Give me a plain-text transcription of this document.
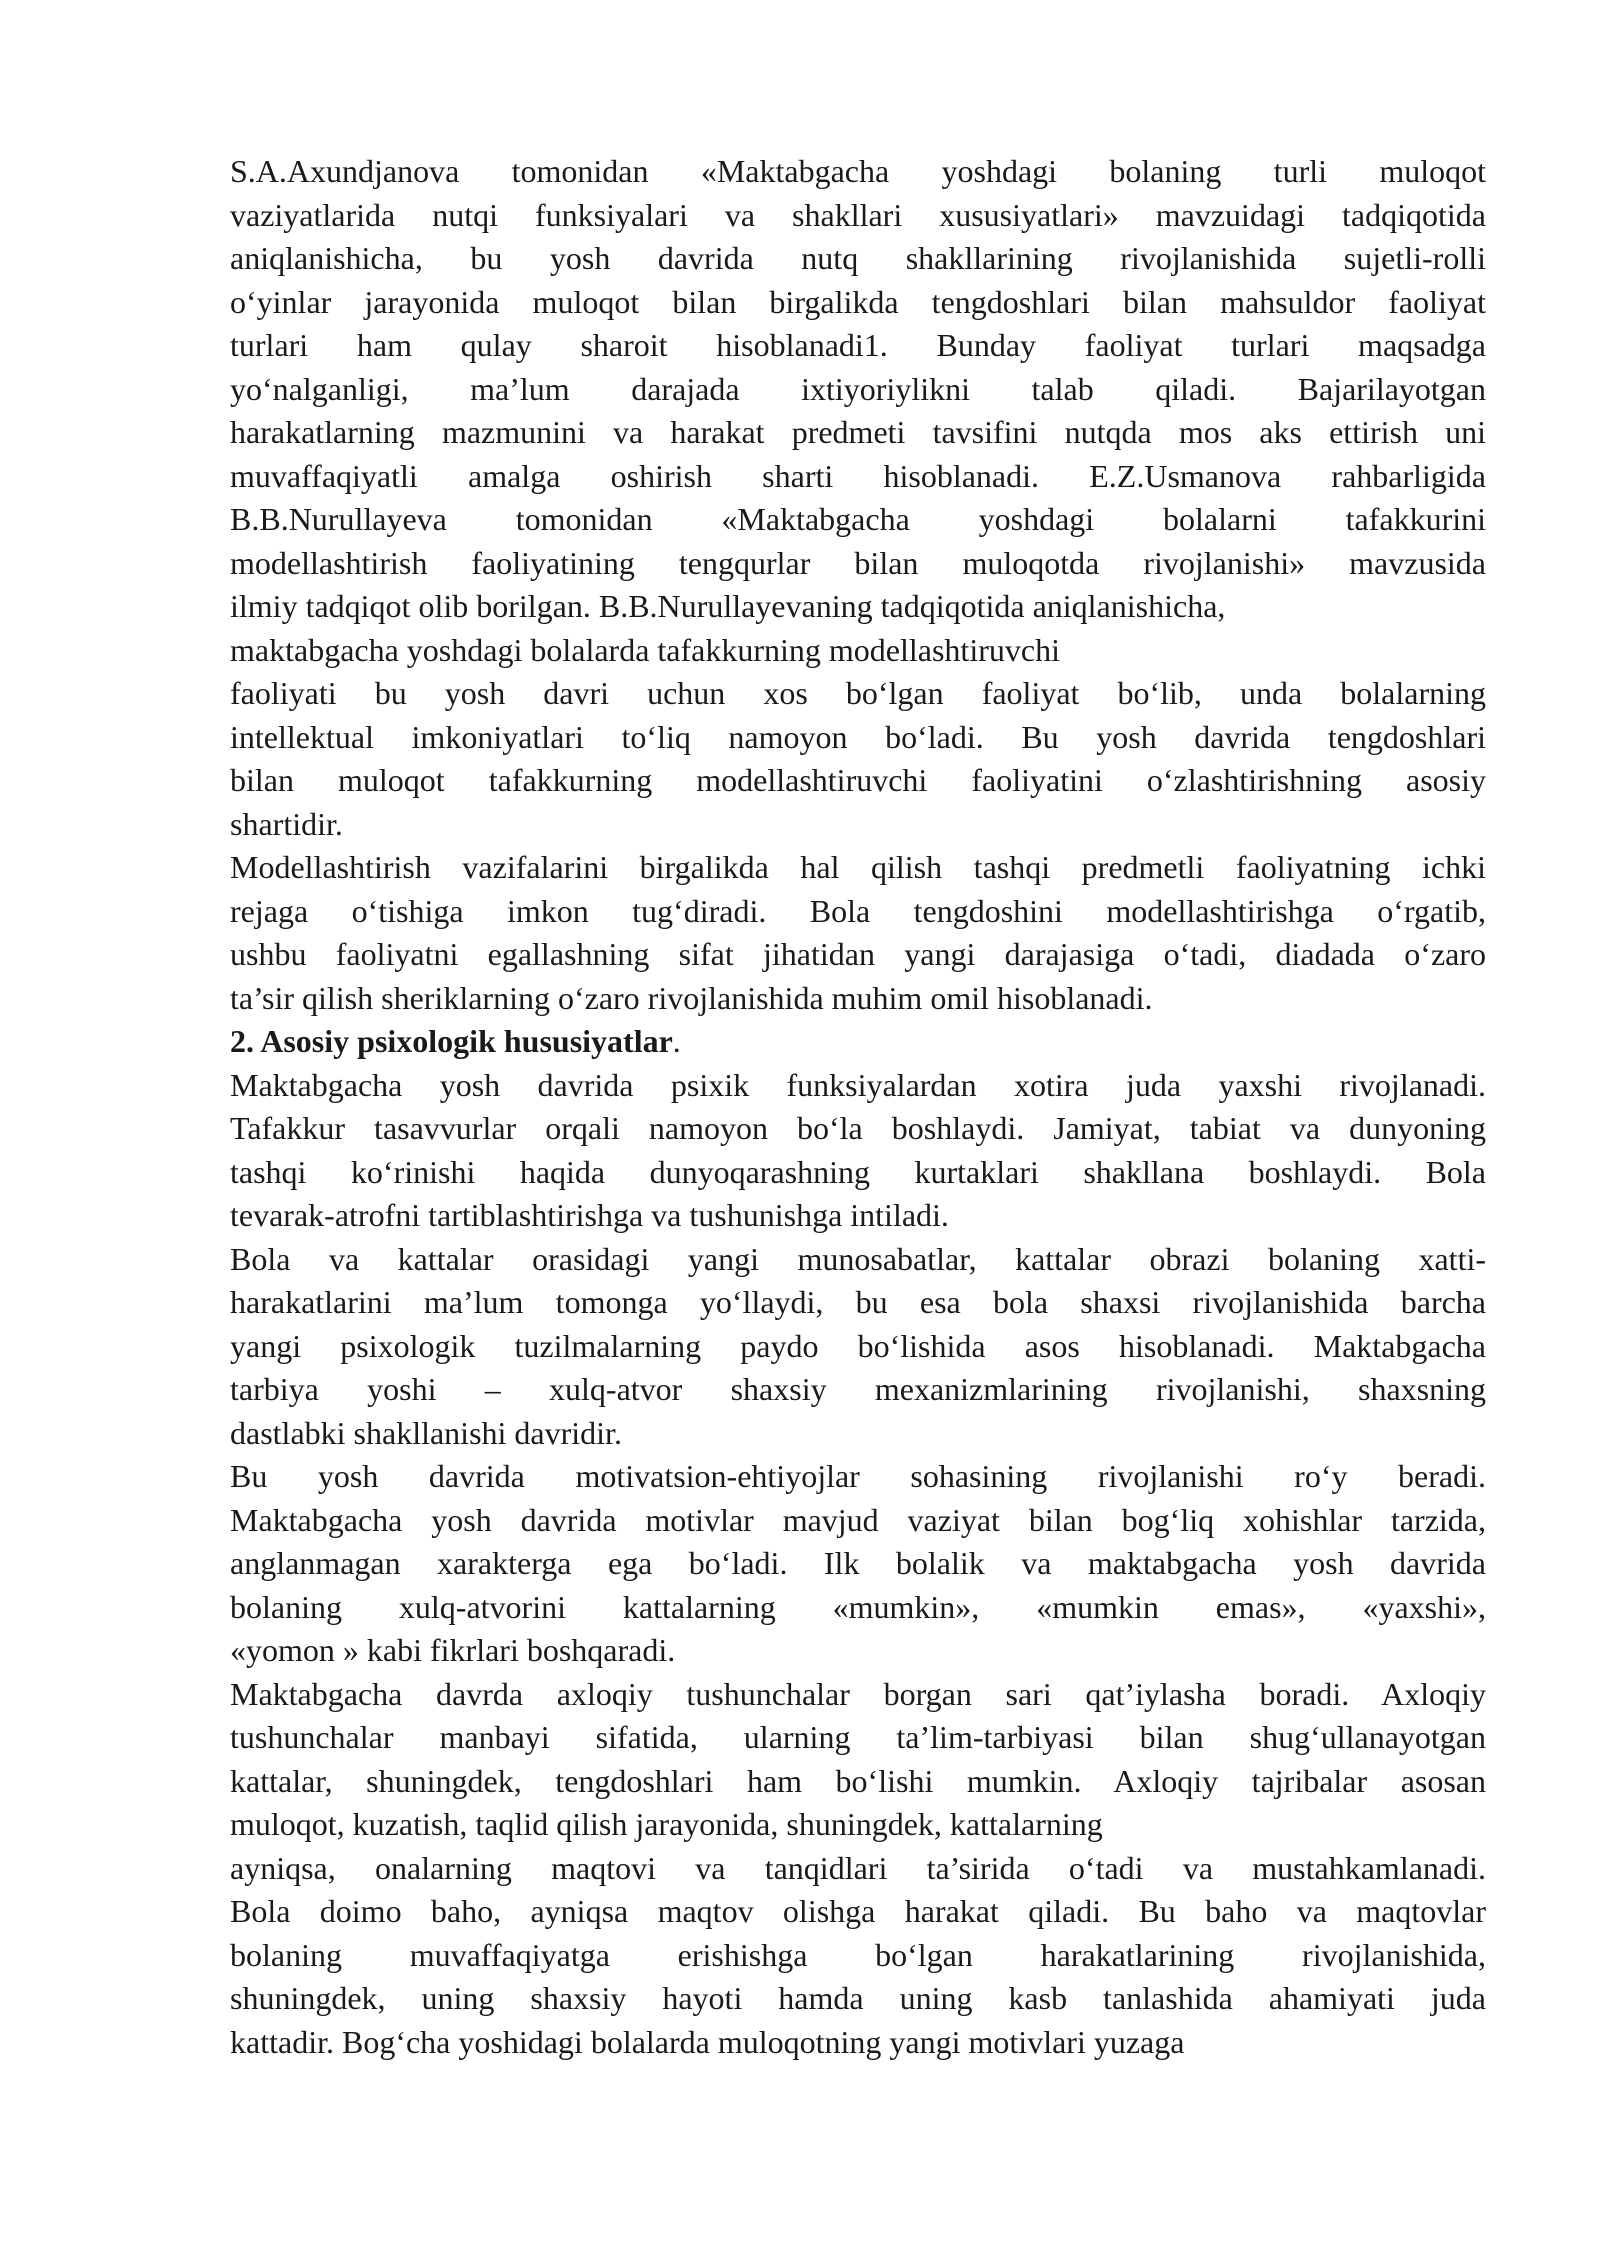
S.A.Axundjanova tomonidan «Maktabgacha yoshdagi bolaning turli muloqot
vaziyatlarida nutqi funksiyalari va shakllari xususiyatlari» mavzuidagi tadqiqotida
aniqlanishicha, bu yosh davrida nutq shakllarining rivojlanishida sujetli-rolli
o‘yinlar jarayonida muloqot bilan birgalikda tengdoshlari bilan mahsuldor faoliyat
turlari ham qulay sharoit hisoblanadi1. Bunday faoliyat turlari maqsadga
yo‘nalganligi, ma’lum darajada ixtiyoriylikni talab qiladi. Bajarilayotgan
harakatlarning mazmunini va harakat predmeti tavsifini nutqda mos aks ettirish uni
muvaffaqiyatli amalga oshirish sharti hisoblanadi. E.Z.Usmanova rahbarligida
B.B.Nurullayeva tomonidan «Maktabgacha yoshdagi bolalarni tafakkurini
modellashtirish faoliyatining tengqurlar bilan muloqotda rivojlanishi» mavzusida
ilmiy tadqiqot olib borilgan. B.B.Nurullayevaning tadqiqotida aniqlanishicha,
maktabgacha yoshdagi bolalarda tafakkurning modellashtiruvchi
faoliyati bu yosh davri uchun xos bo‘lgan faoliyat bo‘lib, unda bolalarning
intellektual imkoniyatlari to‘liq namoyon bo‘ladi. Bu yosh davrida tengdoshlari
bilan muloqot tafakkurning modellashtiruvchi faoliyatini o‘zlashtirishning asosiy
shartidir.
Modellashtirish vazifalarini birgalikda hal qilish tashqi predmetli faoliyatning ichki
rejaga o‘tishiga imkon tug‘diradi. Bola tengdoshini modellashtirishga o‘rgatib,
ushbu faoliyatni egallashning sifat jihatidan yangi darajasiga o‘tadi, diadada o‘zaro
ta’sir qilish sheriklarning o‘zaro rivojlanishida muhim omil hisoblanadi.
2. Asosiy psixologik hususiyatlar.
Maktabgacha yosh davrida psixik funksiyalardan xotira juda yaxshi rivojlanadi.
Tafakkur tasavvurlar orqali namoyon bo‘la boshlaydi. Jamiyat, tabiat va dunyoning
tashqi ko‘rinishi haqida dunyoqarashning kurtaklari shakllana boshlaydi. Bola
tevarak-atrofni tartiblashtirishga va tushunishga intiladi.
Bola va kattalar orasidagi yangi munosabatlar, kattalar obrazi bolaning xatti-
harakatlarini ma’lum tomonga yo‘llaydi, bu esa bola shaxsi rivojlanishida barcha
yangi psixologik tuzilmalarning paydo bo‘lishida asos hisoblanadi. Maktabgacha
tarbiya yoshi – xulq-atvor shaxsiy mexanizmlarining rivojlanishi, shaxsning
dastlabki shakllanishi davridir.
Bu yosh davrida motivatsion-ehtiyojlar sohasining rivojlanishi ro‘y beradi.
Maktabgacha yosh davrida motivlar mavjud vaziyat bilan bog‘liq xohishlar tarzida,
anglanmagan xarakterga ega bo‘ladi. Ilk bolalik va maktabgacha yosh davrida
bolaning xulq-atvorini kattalarning «mumkin», «mumkin emas», «yaxshi»,
«yomon » kabi fikrlari boshqaradi.
Maktabgacha davrda axloqiy tushunchalar borgan sari qat’iylasha boradi. Axloqiy
tushunchalar manbayi sifatida, ularning ta’lim-tarbiyasi bilan shug‘ullanayotgan
kattalar, shuningdek, tengdoshlari ham bo‘lishi mumkin. Axloqiy tajribalar asosan
muloqot, kuzatish, taqlid qilish jarayonida, shuningdek, kattalarning
ayniqsa, onalarning maqtovi va tanqidlari ta’sirida o‘tadi va mustahkamlanadi.
Bola doimo baho, ayniqsa maqtov olishga harakat qiladi. Bu baho va maqtovlar
bolaning muvaffaqiyatga erishishga bo‘lgan harakatlarining rivojlanishida,
shuningdek, uning shaxsiy hayoti hamda uning kasb tanlashida ahamiyati juda
kattadir. Bog‘cha yoshidagi bolalarda muloqotning yangi motivlari yuzaga
